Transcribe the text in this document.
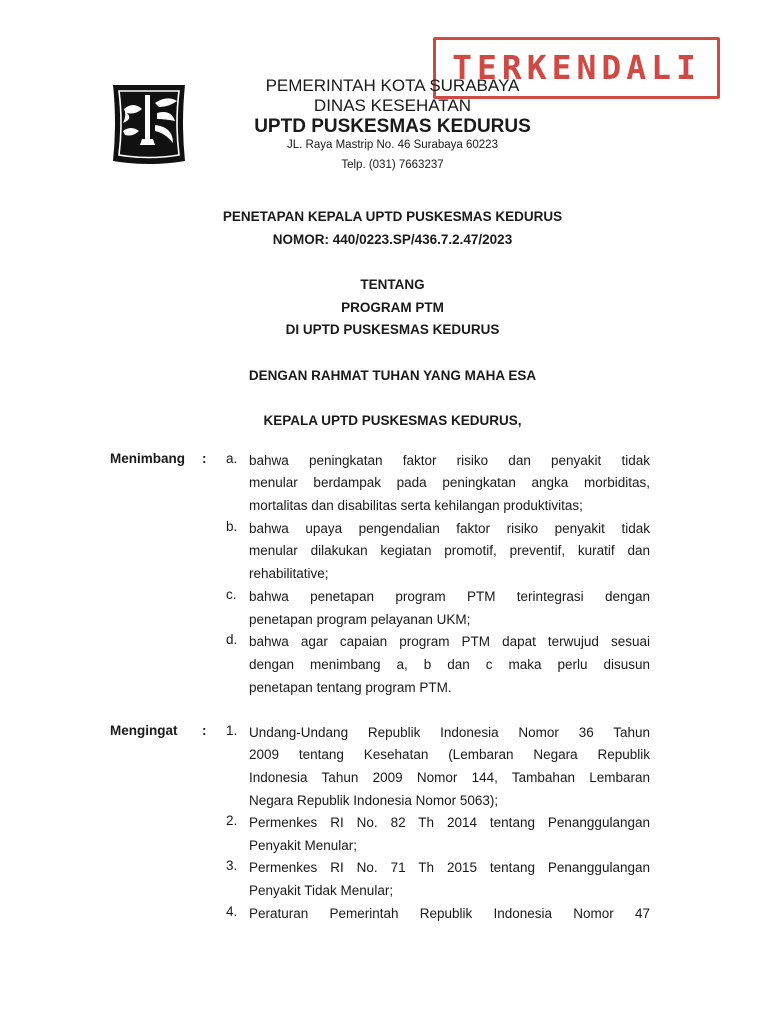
TERKENDALI
PEMERINTAH KOTA SURABAYA
DINAS KESEHATAN
UPTD PUSKESMAS KEDURUS
JL. Raya Mastrip No. 46 Surabaya 60223
Telp. (031) 7663237
PENETAPAN KEPALA UPTD PUSKESMAS KEDURUS
NOMOR: 440/0223.SP/436.7.2.47/2023
TENTANG
PROGRAM PTM
DI UPTD PUSKESMAS KEDURUS
DENGAN RAHMAT TUHAN YANG MAHA ESA
KEPALA UPTD PUSKESMAS KEDURUS,
Menimbang : a. bahwa peningkatan faktor risiko dan penyakit tidak
menular berdampak pada peningkatan angka morbiditas,
mortalitas dan disabilitas serta kehilangan produktivitas;
b. bahwa upaya pengendalian faktor risiko penyakit tidak
menular dilakukan kegiatan promotif, preventif, kuratif dan
rehabilitative;
c. bahwa penetapan program PTM terintegrasi dengan
penetapan program pelayanan UKM;
d. bahwa agar capaian program PTM dapat terwujud sesuai
dengan menimbang a, b dan c maka perlu disusun
penetapan tentang program PTM.
Mengingat : 1. Undang-Undang Republik Indonesia Nomor 36 Tahun
2009 tentang Kesehatan (Lembaran Negara Republik
Indonesia Tahun 2009 Nomor 144, Tambahan Lembaran
Negara Republik Indonesia Nomor 5063);
2. Permenkes RI No. 82 Th 2014 tentang Penanggulangan
Penyakit Menular;
3. Permenkes RI No. 71 Th 2015 tentang Penanggulangan
Penyakit Tidak Menular;
4. Peraturan Pemerintah Republik Indonesia Nomor 47
